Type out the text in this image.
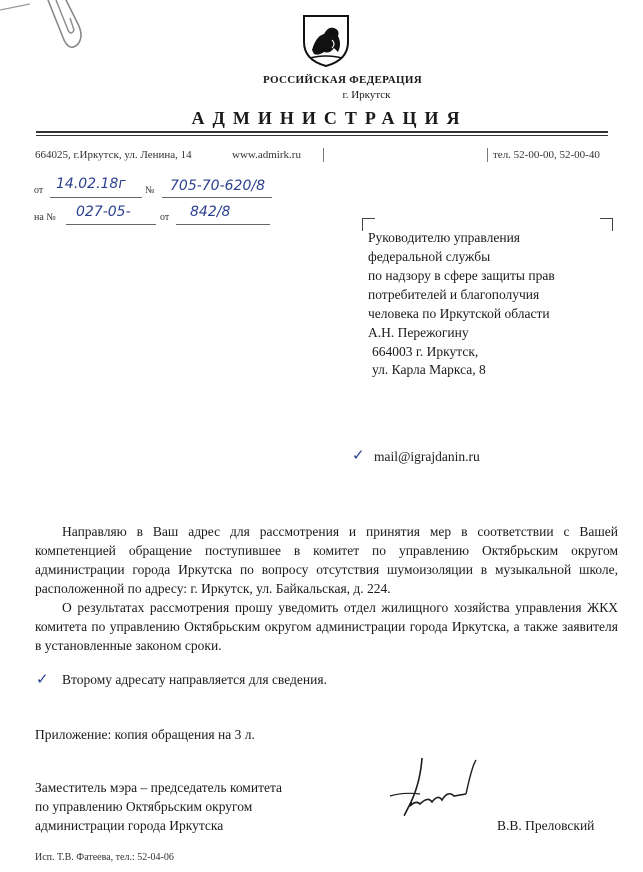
РОССИЙСКАЯ ФЕДЕРАЦИЯ
г. Иркутск
АДМИНИСТРАЦИЯ
664025, г.Иркутск, ул. Ленина, 14	www.admirk.ru	тел. 52-00-00, 52-00-40
от 14.02.18г № 705-70-620/8
на № 027-05-	от 842/8
Руководителю управления
федеральной службы
по надзору в сфере защиты прав
потребителей и благополучия
человека по Иркутской области
А.Н. Пережогину
664003 г. Иркутск,
ул. Карла Маркса, 8
✓ mail@igrajdanin.ru

Направляю в Ваш адрес для рассмотрения и принятия мер в соответствии с Вашей компетенцией обращение поступившее в комитет по управлению Октябрьским округом администрации города Иркутска по вопросу отсутствия шумоизоляции в музыкальной школе, расположенной по адресу: г. Иркутск, ул. Байкальская, д. 224.

О результатах рассмотрения прошу уведомить отдел жилищного хозяйства управления ЖКХ комитета по управлению Октябрьским округом администрации города Иркутска, а также заявителя в установленные законом сроки.

✓ Второму адресату направляется для сведения.
Приложение: копия обращения на 3 л.
Заместитель мэра – председатель комитета
по управлению Октябрьским округом
администрации города Иркутска	В.В. Преловский
Исп. Т.В. Фатеева, тел.: 52-04-06
